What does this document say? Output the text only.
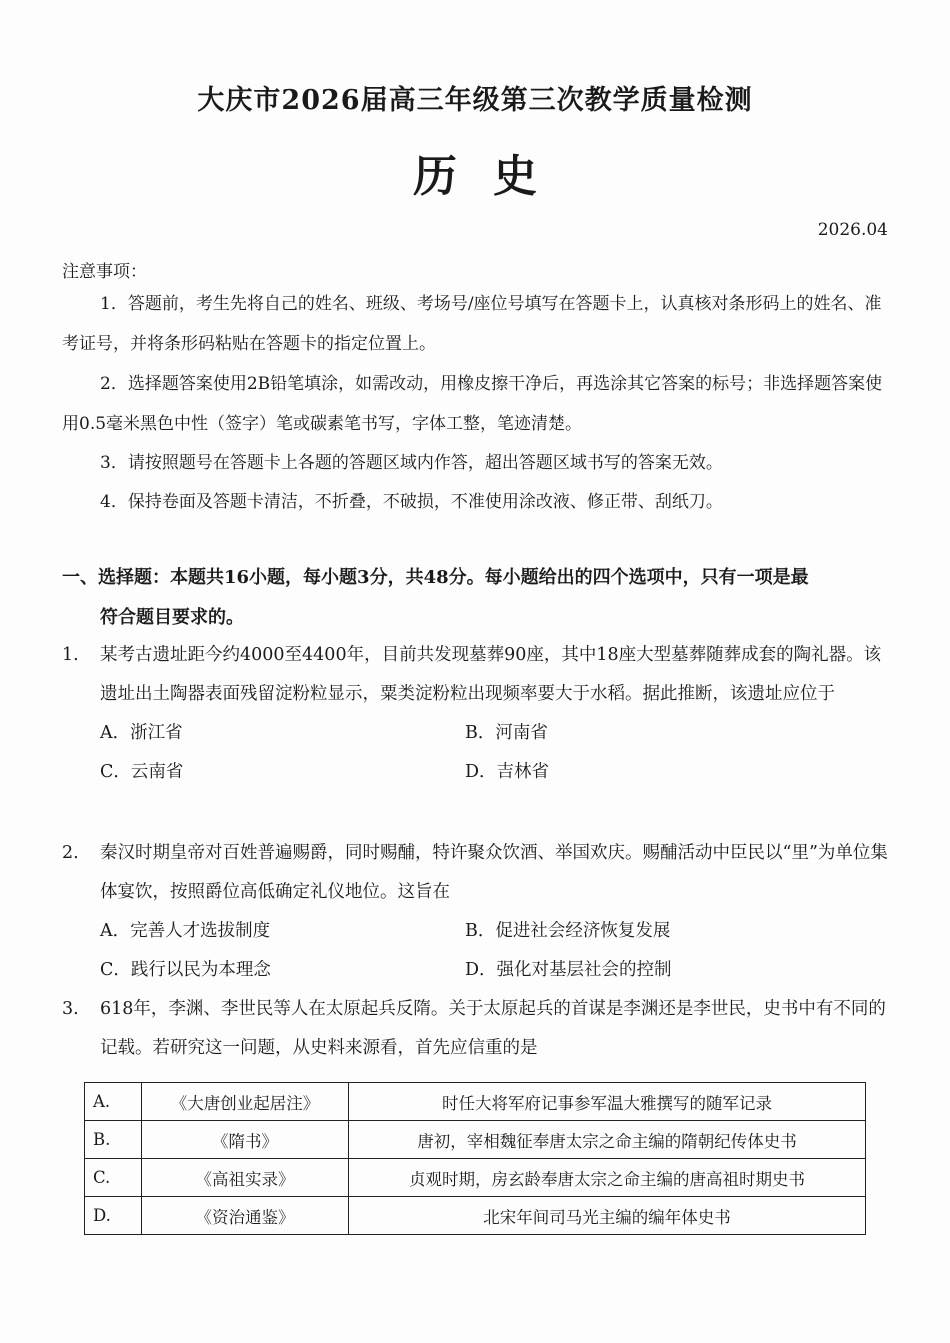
大庆市2026届高三年级第三次教学质量检测
历史
2026.04
注意事项：
1．答题前，考生先将自己的姓名、班级、考场号/座位号填写在答题卡上，认真核对条形码上的姓名、准考证号，并将条形码粘贴在答题卡的指定位置上。
2．选择题答案使用2B铅笔填涂，如需改动，用橡皮擦干净后，再选涂其它答案的标号；非选择题答案使用0.5毫米黑色中性（签字）笔或碳素笔书写，字体工整，笔迹清楚。
3．请按照题号在答题卡上各题的答题区域内作答，超出答题区域书写的答案无效。
4．保持卷面及答题卡清洁，不折叠，不破损，不准使用涂改液、修正带、刮纸刀。
一、选择题：本题共16小题，每小题3分，共48分。每小题给出的四个选项中，只有一项是最
符合题目要求的。
1. 某考古遗址距今约4000至4400年，目前共发现墓葬90座，其中18座大型墓葬随葬成套的陶礼器。该遗址出土陶器表面残留淀粉粒显示，粟类淀粉粒出现频率要大于水稻。据此推断，该遗址应位于
A．浙江省	B．河南省
C．云南省	D．吉林省
2. 秦汉时期皇帝对百姓普遍赐爵，同时赐酺，特许聚众饮酒、举国欢庆。赐酺活动中臣民以“里”为单位集体宴饮，按照爵位高低确定礼仪地位。这旨在
A．完善人才选拔制度	B．促进社会经济恢复发展
C．践行以民为本理念	D．强化对基层社会的控制
3. 618年，李渊、李世民等人在太原起兵反隋。关于太原起兵的首谋是李渊还是李世民，史书中有不同的记载。若研究这一问题，从史料来源看，首先应信重的是
A.	《大唐创业起居注》	时任大将军府记事参军温大雅撰写的随军记录
B.	《隋书》	唐初，宰相魏征奉唐太宗之命主编的隋朝纪传体史书
C.	《高祖实录》	贞观时期，房玄龄奉唐太宗之命主编的唐高祖时期史书
D.	《资治通鉴》	北宋年间司马光主编的编年体史书
